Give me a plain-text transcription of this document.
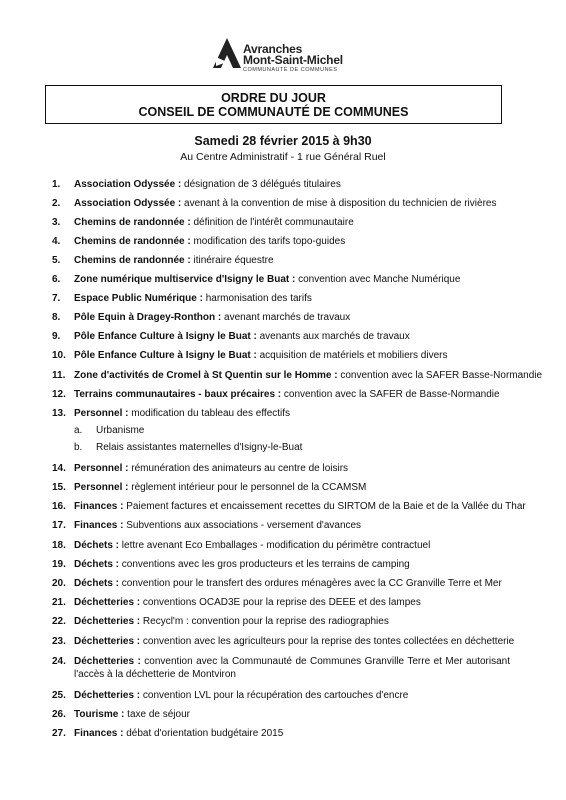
Avranches
Mont-Saint-Michel
COMMUNAUTÉ DE COMMUNES
ORDRE DU JOUR
CONSEIL DE COMMUNAUTÉ DE COMMUNES
Samedi 28 février 2015 à 9h30
Au Centre Administratif - 1 rue Général Ruel
1. Association Odyssée : désignation de 3 délégués titulaires
2. Association Odyssée : avenant à la convention de mise à disposition du technicien de rivières
3. Chemins de randonnée : définition de l'intérêt communautaire
4. Chemins de randonnée : modification des tarifs topo-guides
5. Chemins de randonnée : itinéraire équestre
6. Zone numérique multiservice d'Isigny le Buat : convention avec Manche Numérique
7. Espace Public Numérique : harmonisation des tarifs
8. Pôle Equin à Dragey-Ronthon : avenant marchés de travaux
9. Pôle Enfance Culture à Isigny le Buat : avenants aux marchés de travaux
10. Pôle Enfance Culture à Isigny le Buat : acquisition de matériels et mobiliers divers
11. Zone d'activités de Cromel à St Quentin sur le Homme : convention avec la SAFER Basse-Normandie
12. Terrains communautaires - baux précaires : convention avec la SAFER de Basse-Normandie
13. Personnel : modification du tableau des effectifs
a. Urbanisme
b. Relais assistantes maternelles d'Isigny-le-Buat
14. Personnel : rémunération des animateurs au centre de loisirs
15. Personnel : règlement intérieur pour le personnel de la CCAMSM
16. Finances : Paiement factures et encaissement recettes du SIRTOM de la Baie et de la Vallée du Thar
17. Finances : Subventions aux associations - versement d'avances
18. Déchets : lettre avenant Eco Emballages - modification du périmètre contractuel
19. Déchets : conventions avec les gros producteurs et les terrains de camping
20. Déchets : convention pour le transfert des ordures ménagères avec la CC Granville Terre et Mer
21. Déchetteries : conventions OCAD3E pour la reprise des DEEE et des lampes
22. Déchetteries : Recycl'm : convention pour la reprise des radiographies
23. Déchetteries : convention avec les agriculteurs pour la reprise des tontes collectées en déchetterie
24. Déchetteries : convention avec la Communauté de Communes Granville Terre et Mer autorisant l'accès à la déchetterie de Montviron
25. Déchetteries : convention LVL pour la récupération des cartouches d'encre
26. Tourisme : taxe de séjour
27. Finances : débat d'orientation budgétaire 2015
